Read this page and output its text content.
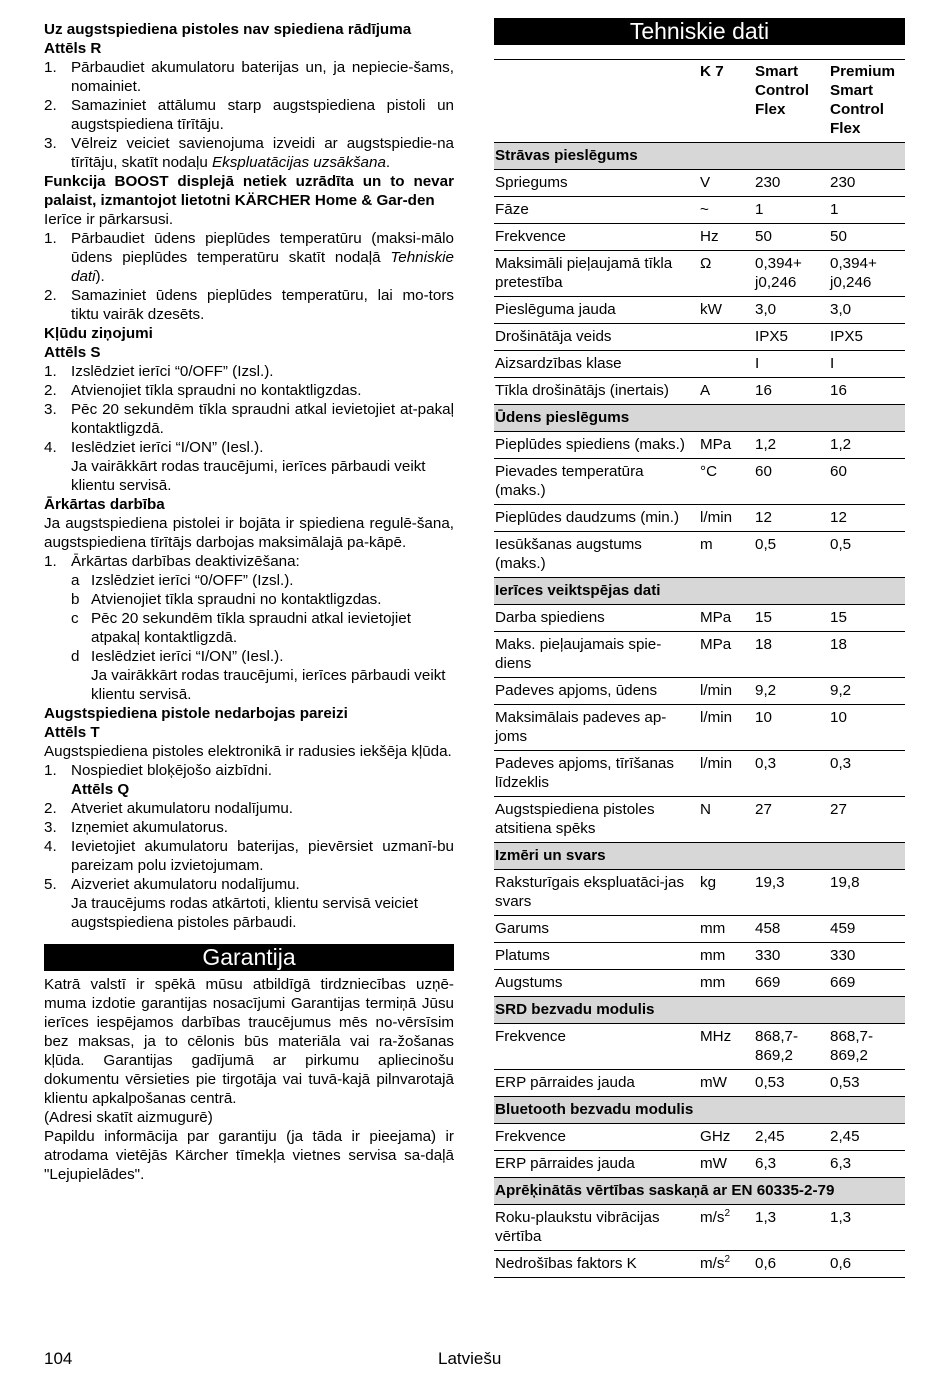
Uz augstspiediena pistoles nav spiediena rādījuma
Attēls R
1. Pārbaudiet akumulatoru baterijas un, ja nepiecie-šams, nomainiet.
2. Samaziniet attālumu starp augstspiediena pistoli un augstspiediena tīrītāju.
3. Vēlreiz veiciet savienojuma izveidi ar augstspiedie-na tīrītāju, skatīt nodaļu Ekspluatācijas uzsākšana.
Funkcija BOOST displejā netiek uzrādīta un to nevar palaist, izmantojot lietotni KÄRCHER Home & Gar-den
Ierīce ir pārkarsusi.
1. Pārbaudiet ūdens pieplūdes temperatūru (maksi-mālo ūdens pieplūdes temperatūru skatīt nodaļā Tehniskie dati).
2. Samaziniet ūdens pieplūdes temperatūru, lai mo-tors tiktu vairāk dzesēts.
Kļūdu ziņojumi
Attēls S
1. Izslēdziet ierīci “0/OFF” (Izsl.).
2. Atvienojiet tīkla spraudni no kontaktligzdas.
3. Pēc 20 sekundēm tīkla spraudni atkal ievietojiet at-pakaļ kontaktligzdā.
4. Ieslēdziet ierīci “I/ON” (Iesl.).
Ja vairākkārt rodas traucējumi, ierīces pārbaudi veikt klientu servisā.
Ārkārtas darbība
Ja augstspiediena pistolei ir bojāta ir spiediena regulē-šana, augstspiediena tīrītājs darbojas maksimālajā pa-kāpē.
1. Ārkārtas darbības deaktivizēšana:
a Izslēdziet ierīci “0/OFF” (Izsl.).
b Atvienojiet tīkla spraudni no kontaktligzdas.
c Pēc 20 sekundēm tīkla spraudni atkal ievietojiet atpakaļ kontaktligzdā.
d Ieslēdziet ierīci “I/ON” (Iesl.).
Ja vairākkārt rodas traucējumi, ierīces pārbaudi veikt klientu servisā.
Augstspiediena pistole nedarbojas pareizi
Attēls T
Augstspiediena pistoles elektronikā ir radusies iekšēja kļūda.
1. Nospiediet bloķējošo aizbīdni.
Attēls Q
2. Atveriet akumulatoru nodalījumu.
3. Izņemiet akumulatorus.
4. Ievietojiet akumulatoru baterijas, pievērsiet uzmanī-bu pareizam polu izvietojumam.
5. Aizveriet akumulatoru nodalījumu.
Ja traucējums rodas atkārtoti, klientu servisā veiciet augstspiediena pistoles pārbaudi.
Garantija
Katrā valstī ir spēkā mūsu atbildīgā tirdzniecības uzņē-muma izdotie garantijas nosacījumi Garantijas termiņā Jūsu ierīces iespējamos darbības traucējumus mēs no-vērsīsim bez maksas, ja to cēlonis būs materiāla vai ra-žošanas kļūda. Garantijas gadījumā ar pirkumu apliecinošu dokumentu vērsieties pie tirgotāja vai tuvā-kajā pilnvarotajā klientu apkalpošanas centrā.
(Adresi skatīt aizmugurē)
Papildu informācija par garantiju (ja tāda ir pieejama) ir atrodama vietējās Kärcher tīmekļa vietnes servisa sa-daļā "Lejupielādes".
Tehniskie dati
	K 7	Smart Control Flex	Premium Smart Control Flex
Strāvas pieslēgums			
Spriegums	V	230	230
Fāze	~	1	1
Frekvence	Hz	50	50
Maksimāli pieļaujamā tīkla pretestība	Ω	0,394+ j0,246	0,394+ j0,246
Pieslēguma jauda	kW	3,0	3,0
Drošinātāja veids		IPX5	IPX5
Aizsardzības klase		I	I
Tīkla drošinātājs (inertais)	A	16	16
Ūdens pieslēgums			
Pieplūdes spiediens (maks.)	MPa	1,2	1,2
Pievades temperatūra (maks.)	°C	60	60
Pieplūdes daudzums (min.)	l/min	12	12
Iesūkšanas augstums (maks.)	m	0,5	0,5
Ierīces veiktspējas dati			
Darba spiediens	MPa	15	15
Maks. pieļaujamais spie-diens	MPa	18	18
Padeves apjoms, ūdens	l/min	9,2	9,2
Maksimālais padeves ap-joms	l/min	10	10
Padeves apjoms, tīrīšanas līdzeklis	l/min	0,3	0,3
Augstspiediena pistoles atsitiena spēks	N	27	27
Izmēri un svars			
Raksturīgais ekspluatāci-jas svars	kg	19,3	19,8
Garums	mm	458	459
Platums	mm	330	330
Augstums	mm	669	669
SRD bezvadu modulis			
Frekvence	MHz	868,7-869,2	868,7-869,2
ERP pārraides jauda	mW	0,53	0,53
Bluetooth bezvadu modulis			
Frekvence	GHz	2,45	2,45
ERP pārraides jauda	mW	6,3	6,3
Aprēķinātās vērtības saskaņā ar EN 60335-2-79			
Roku-plaukstu vibrācijas vērtība	$m/s^2$	1,3	1,3
Nedrošības faktors K	$m/s^2$	0,6	0,6
104	Latviešu
